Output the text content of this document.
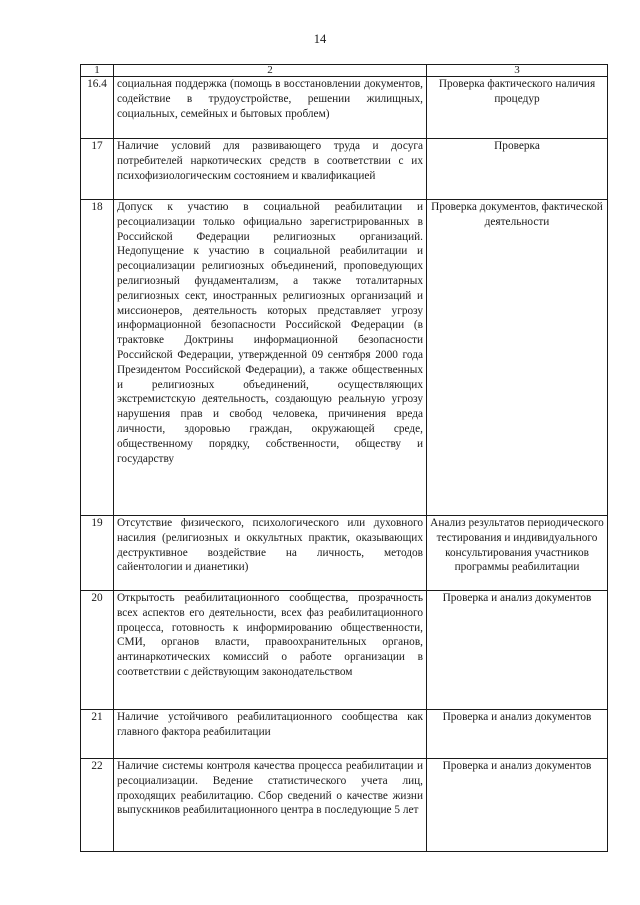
14
1	2	3
16.4	социальная поддержка (помощь в восстановлении документов, содействие в трудоустройстве, решении жилищных, социальных, семейных и бытовых проблем)	Проверка фактического наличия процедур
17	Наличие условий для развивающего труда и досуга потребителей наркотических средств в соответствии с их психофизиологическим состоянием и квалификацией	Проверка
18	Допуск к участию в социальной реабилитации и ресоциализации только официально зарегистрированных в Российской Федерации религиозных организаций. Недопущение к участию в социальной реабилитации и ресоциализации религиозных объединений, проповедующих религиозный фундаментализм, а также тоталитарных религиозных сект, иностранных религиозных организаций и миссионеров, деятельность которых представляет угрозу информационной безопасности Российской Федерации (в трактовке Доктрины информационной безопасности Российской Федерации, утвержденной 09 сентября 2000 года Президентом Российской Федерации), а также общественных и религиозных объединений, осуществляющих экстремистскую деятельность, создающую реальную угрозу нарушения прав и свобод человека, причинения вреда личности, здоровью граждан, окружающей среде, общественному порядку, собственности, обществу и государству	Проверка документов, фактической деятельности
19	Отсутствие физического, психологического или духовного насилия (религиозных и оккультных практик, оказывающих деструктивное воздействие на личность, методов сайентологии и дианетики)	Анализ результатов периодического тестирования и индивидуального консультирования участников программы реабилитации
20	Открытость реабилитационного сообщества, прозрачность всех аспектов его деятельности, всех фаз реабилитационного процесса, готовность к информированию общественности, СМИ, органов власти, правоохранительных органов, антинаркотических комиссий о работе организации в соответствии с действующим законодательством	Проверка и анализ документов
21	Наличие устойчивого реабилитационного сообщества как главного фактора реабилитации	Проверка и анализ документов
22	Наличие системы контроля качества процесса реабилитации и ресоциализации. Ведение статистического учета лиц, проходящих реабилитацию. Сбор сведений о качестве жизни выпускников реабилитационного центра в последующие 5 лет	Проверка и анализ документов
